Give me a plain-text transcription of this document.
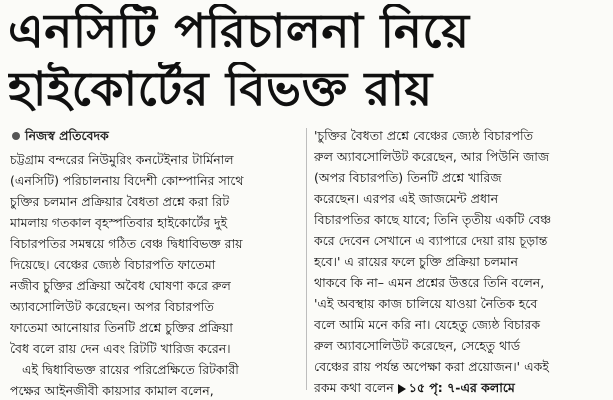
এনসিটি পরিচালনা নিয়ে
হাইকোর্টের বিভক্ত রায়
নিজস্ব প্রতিবেদক

চট্টগ্রাম বন্দরের নিউমুরিং কনটেইনার টার্মিনাল

(এনসিটি) পরিচালনায় বিদেশী কোম্পানির সাথে

চুক্তির চলমান প্রক্রিয়ার বৈধতা প্রশ্নে করা রিট

মামলায় গতকাল বৃহস্পতিবার হাইকোর্টের দুই

বিচারপতির সমন্বয়ে গঠিত বেঞ্চ দ্বিধাবিভক্ত রায়

দিয়েছে। বেঞ্চের জ্যেষ্ঠ বিচারপতি ফাতেমা

নজীব চুক্তির প্রক্রিয়া অবৈধ ঘোষণা করে রুল

অ্যাবসোলিউট করেছেন। অপর বিচারপতি

ফাতেমা আনোয়ার তিনটি প্রশ্নে চুক্তির প্রক্রিয়া

বৈধ বলে রায় দেন এবং রিটটি খারিজ করেন।

এই দ্বিধাবিভক্ত রায়ের পরিপ্রেক্ষিতে রিটকারী

পক্ষের আইনজীবী কায়সার কামাল বলেন,

'চুক্তির বৈধতা প্রশ্নে বেঞ্চের জ্যেষ্ঠ বিচারপতি

রুল অ্যাবসোলিউট করেছেন, আর পিউনি জাজ

(অপর বিচারপতি) তিনটি প্রশ্নে খারিজ

করেছেন। এরপর এই জাজমেন্ট প্রধান

বিচারপতির কাছে যাবে; তিনি তৃতীয় একটি বেঞ্চ

করে দেবেন সেখানে এ ব্যাপারে দেয়া রায় চূড়ান্ত

হবে।' এ রায়ের ফলে চুক্তি প্রক্রিয়া চলমান

থাকবে কি না– এমন প্রশ্নের উত্তরে তিনি বলেন,

'এই অবস্থায় কাজ চালিয়ে যাওয়া নৈতিক হবে

বলে আমি মনে করি না। যেহেতু জ্যেষ্ঠ বিচারক

রুল অ্যাবসোলিউট করেছেন, সেহেতু থার্ড

বেঞ্চের রায় পর্যন্ত অপেক্ষা করা প্রয়োজন।' একই

রকম কথা বলেন ১৫ পৃ: ৭-এর কলামে
